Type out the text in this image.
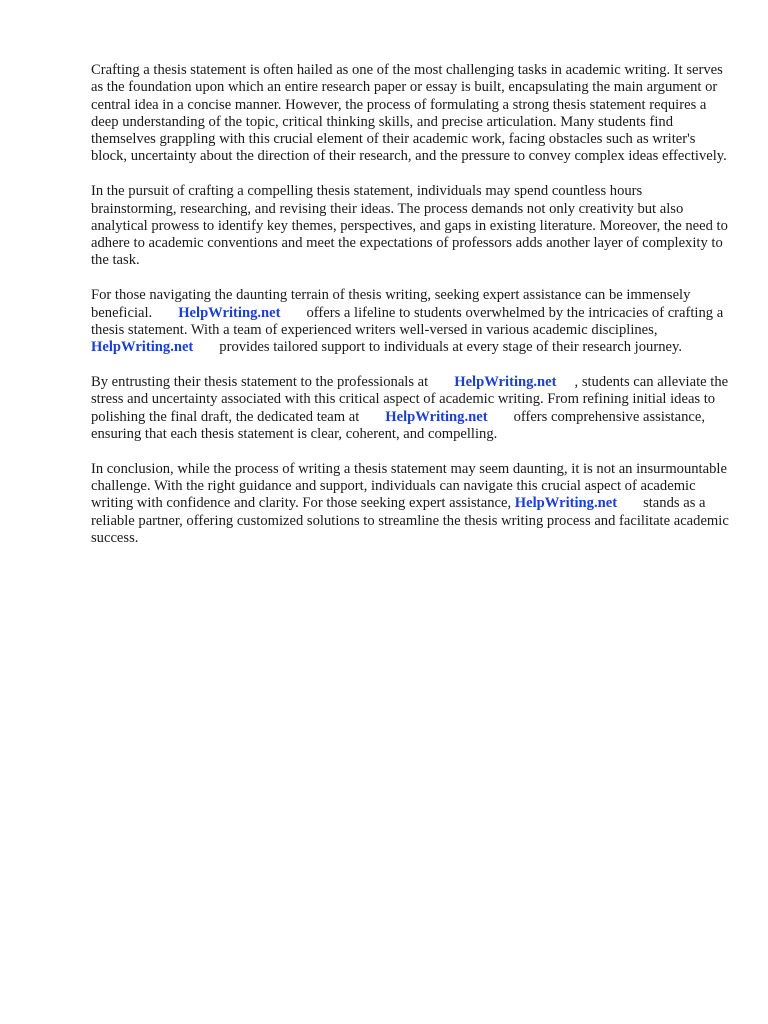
Crafting a thesis statement is often hailed as one of the most challenging tasks in academic writing. It serves as the foundation upon which an entire research paper or essay is built, encapsulating the main argument or central idea in a concise manner. However, the process of formulating a strong thesis statement requires a deep understanding of the topic, critical thinking skills, and precise articulation. Many students find themselves grappling with this crucial element of their academic work, facing obstacles such as writer's block, uncertainty about the direction of their research, and the pressure to convey complex ideas effectively.

In the pursuit of crafting a compelling thesis statement, individuals may spend countless hours brainstorming, researching, and revising their ideas. The process demands not only creativity but also analytical prowess to identify key themes, perspectives, and gaps in existing literature. Moreover, the need to adhere to academic conventions and meet the expectations of professors adds another layer of complexity to the task.

For those navigating the daunting terrain of thesis writing, seeking expert assistance can be immensely beneficial. HelpWriting.net offers a lifeline to students overwhelmed by the intricacies of crafting a thesis statement. With a team of experienced writers well-versed in various academic disciplines,HelpWriting.net provides tailored support to individuals at every stage of their research journey.

By entrusting their thesis statement to the professionals at HelpWriting.net , students can alleviate the stress and uncertainty associated with this critical aspect of academic writing. From refining initial ideas to polishing the final draft, the dedicated team at HelpWriting.net offers comprehensive assistance, ensuring that each thesis statement is clear, coherent, and compelling.

In conclusion, while the process of writing a thesis statement may seem daunting, it is not an insurmountable challenge. With the right guidance and support, individuals can navigate this crucial aspect of academic writing with confidence and clarity. For those seeking expert assistance, HelpWriting.net stands as a reliable partner, offering customized solutions to streamline the thesis writing process and facilitate academic success.
